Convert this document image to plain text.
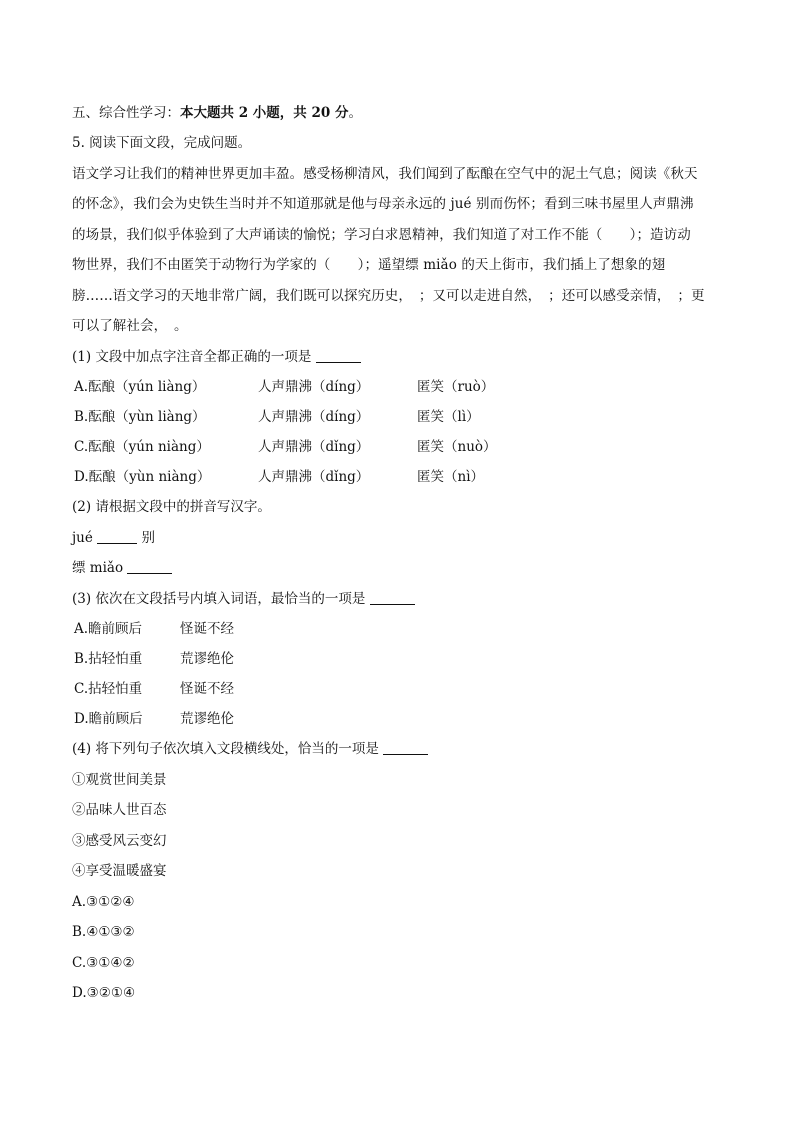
五、综合性学习：本大题共 2 小题，共 20 分。
5. 阅读下面文段，完成问题。
语文学习让我们的精神世界更加丰盈。感受杨柳清风，我们闻到了酝酿在空气中的泥土气息；阅读《秋天
的怀念》，我们会为史铁生当时并不知道那就是他与母亲永远的 jué 别而伤怀；看到三味书屋里人声鼎沸
的场景，我们似乎体验到了大声诵读的愉悦；学习白求恩精神，我们知道了对工作不能（　　）；造访动
物世界，我们不由匿笑于动物行为学家的（　　）；遥望缥 miǎo 的天上街市，我们插上了想象的翅
膀……语文学习的天地非常广阔，我们既可以探究历史，　；又可以走进自然，　；还可以感受亲情，　；更
可以了解社会，　。
(1) 文段中加点字注音全都正确的一项是
A.酝酿（yún liàng）	人声鼎沸（díng）	匿笑（ruò）
B.酝酿（yùn liàng）	人声鼎沸（díng）	匿笑（lì）
C.酝酿（yún niàng）	人声鼎沸（dǐng）	匿笑（nuò）
D.酝酿（yùn niàng）	人声鼎沸（dǐng）	匿笑（nì）
(2) 请根据文段中的拼音写汉字。
jué	别
缥 miǎo
(3) 依次在文段括号内填入词语，最恰当的一项是
A.瞻前顾后	怪诞不经
B.拈轻怕重	荒谬绝伦
C.拈轻怕重	怪诞不经
D.瞻前顾后	荒谬绝伦
(4) 将下列句子依次填入文段横线处，恰当的一项是
①观赏世间美景
②品味人世百态
③感受风云变幻
④享受温暖盛宴
A.③①②④
B.④①③②
C.③①④②
D.③②①④
